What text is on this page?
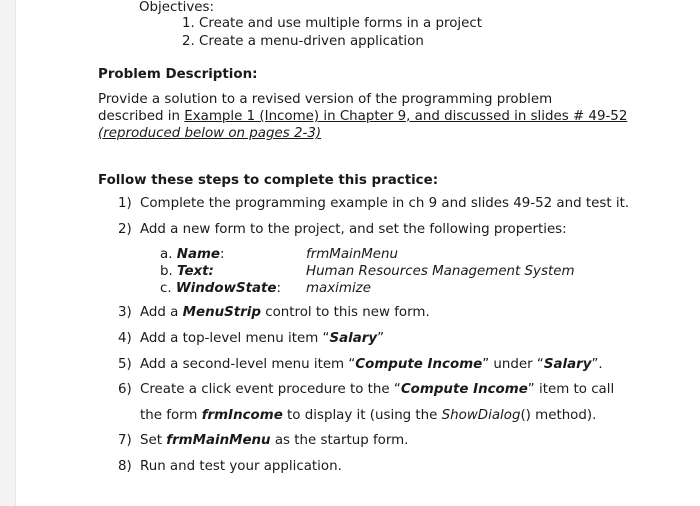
Objectives:
1. Create and use multiple forms in a project
2. Create a menu-driven application
Problem Description:
Provide a solution to a revised version of the programming problem
described in Example 1 (Income) in Chapter 9, and discussed in slides # 49-52
(reproduced below on pages 2-3)
Follow these steps to complete this practice:
1) Complete the programming example in ch 9 and slides 49-52 and test it.
2) Add a new form to the project, and set the following properties:
a. Name:	frmMainMenu
b. Text:	Human Resources Management System
c. WindowState: maximize
3) Add a MenuStrip control to this new form.
4) Add a top-level menu item “Salary”
5) Add a second-level menu item “Compute Income” under “Salary”.
6) Create a click event procedure to the “Compute Income” item to call
the form frmIncome to display it (using the ShowDialog() method).
7) Set frmMainMenu as the startup form.
8) Run and test your application.
